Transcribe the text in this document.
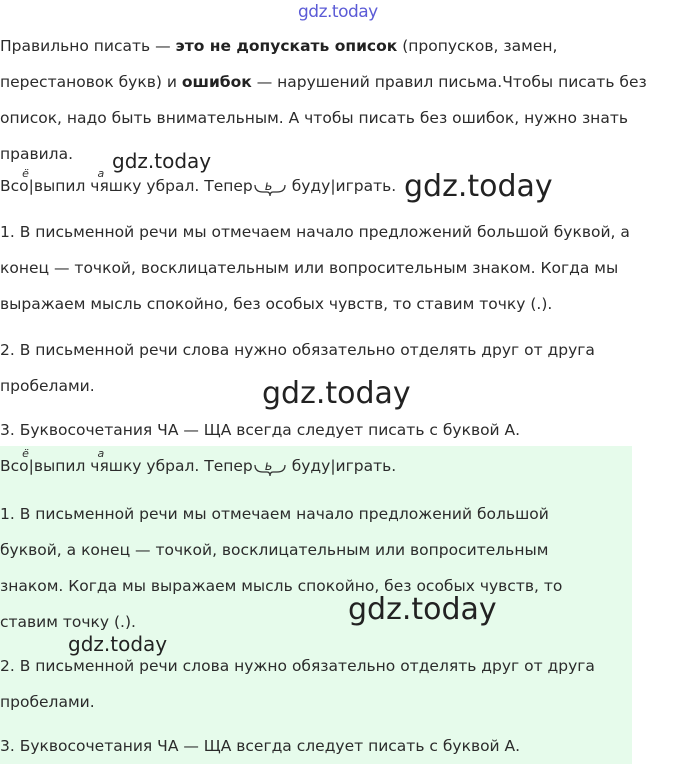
Правильно писать — это не допускать описок (пропусков, замен, перестановок букв) и ошибок — нарушений правил письма.Чтобы писать без описок, надо быть внимательным. А чтобы писать без ошибок, нужно знать правила.

Всо
ё
|выпил чя
а
шку убрал. Тепер ь буду|играть.

1. В письменной речи мы отмечаем начало предложений большой буквой, а конец — точкой, восклицательным или вопросительным знаком. Когда мы выражаем мысль спокойно, без особых чувств, то ставим точку (.).

2. В письменной речи слова нужно обязательно отделять друг от друга пробелами.

3. Буквосочетания ЧА — ЩА всегда следует писать с буквой А.

Всо
ё
|выпил чя
а
шку убрал. Тепер ь буду|играть.

1. В письменной речи мы отмечаем начало предложений большой буквой, а конец — точкой, восклицательным или вопросительным знаком. Когда мы выражаем мысль спокойно, без особых чувств, то ставим точку (.).

2. В письменной речи слова нужно обязательно отделять друг от друга пробелами.

3. Буквосочетания ЧА — ЩА всегда следует писать с буквой А.

gdz.today
gdz.today
gdz.today
gdz.today
gdz.today
gdz.today
